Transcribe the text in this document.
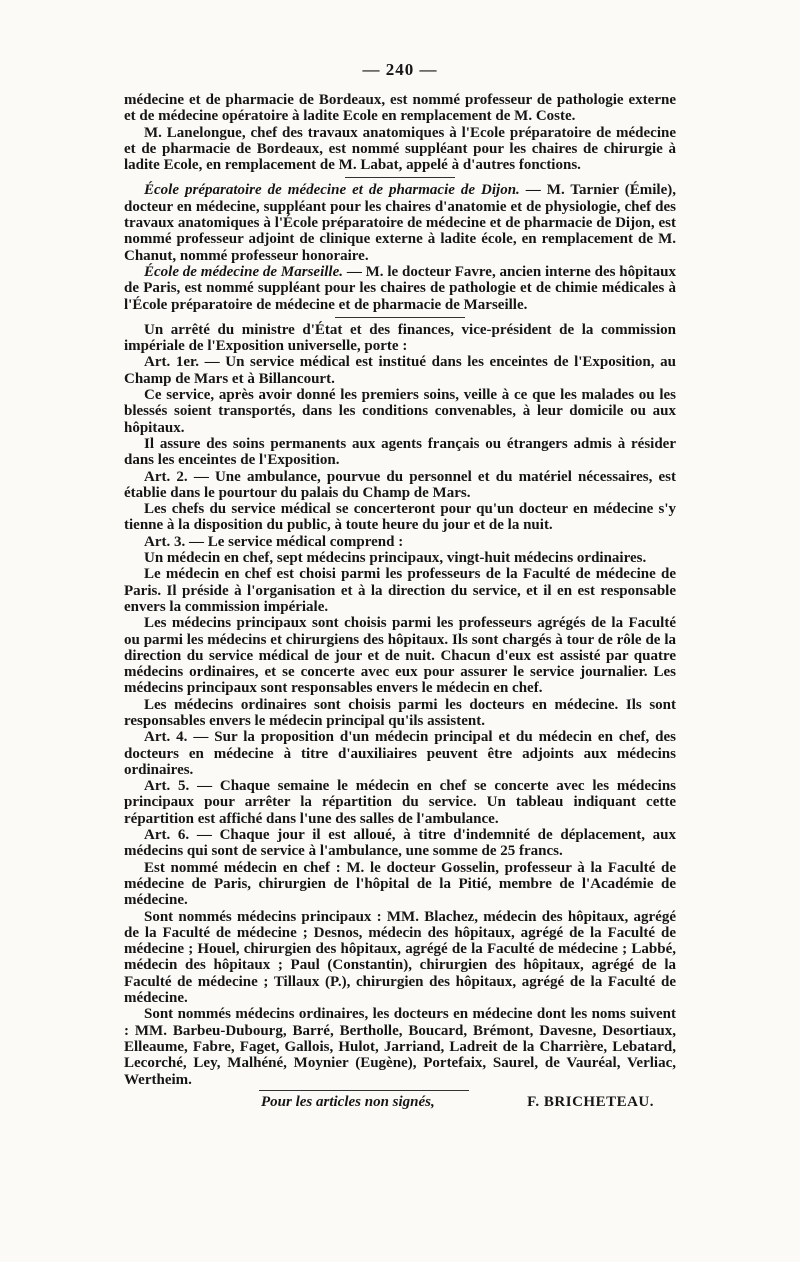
— 240 —

médecine et de pharmacie de Bordeaux, est nommé professeur de pathologie externe et de médecine opératoire à ladite Ecole en remplacement de M. Coste.

M. Lanelongue, chef des travaux anatomiques à l'Ecole préparatoire de médecine et de pharmacie de Bordeaux, est nommé suppléant pour les chaires de chirurgie à ladite Ecole, en remplacement de M. Labat, appelé à d'autres fonctions.

École préparatoire de médecine et de pharmacie de Dijon. — M. Tarnier (Émile), docteur en médecine, suppléant pour les chaires d'anatomie et de physiologie, chef des travaux anatomiques à l'École préparatoire de médecine et de pharmacie de Dijon, est nommé professeur adjoint de clinique externe à ladite école, en remplacement de M. Chanut, nommé professeur honoraire.

École de médecine de Marseille. — M. le docteur Favre, ancien interne des hôpitaux de Paris, est nommé suppléant pour les chaires de pathologie et de chimie médicales à l'École préparatoire de médecine et de pharmacie de Marseille.

Un arrêté du ministre d'État et des finances, vice-président de la commission impériale de l'Exposition universelle, porte :

Art. 1er. — Un service médical est institué dans les enceintes de l'Exposition, au Champ de Mars et à Billancourt.

Ce service, après avoir donné les premiers soins, veille à ce que les malades ou les blessés soient transportés, dans les conditions convenables, à leur domicile ou aux hôpitaux.

Il assure des soins permanents aux agents français ou étrangers admis à résider dans les enceintes de l'Exposition.

Art. 2. — Une ambulance, pourvue du personnel et du matériel nécessaires, est établie dans le pourtour du palais du Champ de Mars.

Les chefs du service médical se concerteront pour qu'un docteur en médecine s'y tienne à la disposition du public, à toute heure du jour et de la nuit.

Art. 3. — Le service médical comprend :

Un médecin en chef, sept médecins principaux, vingt-huit médecins ordinaires.

Le médecin en chef est choisi parmi les professeurs de la Faculté de médecine de Paris. Il préside à l'organisation et à la direction du service, et il en est responsable envers la commission impériale.

Les médecins principaux sont choisis parmi les professeurs agrégés de la Faculté ou parmi les médecins et chirurgiens des hôpitaux. Ils sont chargés à tour de rôle de la direction du service médical de jour et de nuit. Chacun d'eux est assisté par quatre médecins ordinaires, et se concerte avec eux pour assurer le service journalier. Les médecins principaux sont responsables envers le médecin en chef.

Les médecins ordinaires sont choisis parmi les docteurs en médecine. Ils sont responsables envers le médecin principal qu'ils assistent.

Art. 4. — Sur la proposition d'un médecin principal et du médecin en chef, des docteurs en médecine à titre d'auxiliaires peuvent être adjoints aux médecins ordinaires.

Art. 5. — Chaque semaine le médecin en chef se concerte avec les médecins principaux pour arrêter la répartition du service. Un tableau indiquant cette répartition est affiché dans l'une des salles de l'ambulance.

Art. 6. — Chaque jour il est alloué, à titre d'indemnité de déplacement, aux médecins qui sont de service à l'ambulance, une somme de 25 francs.

Est nommé médecin en chef : M. le docteur Gosselin, professeur à la Faculté de médecine de Paris, chirurgien de l'hôpital de la Pitié, membre de l'Académie de médecine.

Sont nommés médecins principaux : MM. Blachez, médecin des hôpitaux, agrégé de la Faculté de médecine ; Desnos, médecin des hôpitaux, agrégé de la Faculté de médecine ; Houel, chirurgien des hôpitaux, agrégé de la Faculté de médecine ; Labbé, médecin des hôpitaux ; Paul (Constantin), chirurgien des hôpitaux, agrégé de la Faculté de médecine ; Tillaux (P.), chirurgien des hôpitaux, agrégé de la Faculté de médecine.

Sont nommés médecins ordinaires, les docteurs en médecine dont les noms suivent : MM. Barbeu-Dubourg, Barré, Bertholle, Boucard, Brémont, Davesne, Desortiaux, Elleaume, Fabre, Faget, Gallois, Hulot, Jarriand, Ladreit de la Charrière, Lebatard, Lecorché, Ley, Malhéné, Moynier (Eugène), Portefaix, Saurel, de Vauréal, Verliac, Wertheim.

Pour les articles non signés,	F. BRICHETEAU.
